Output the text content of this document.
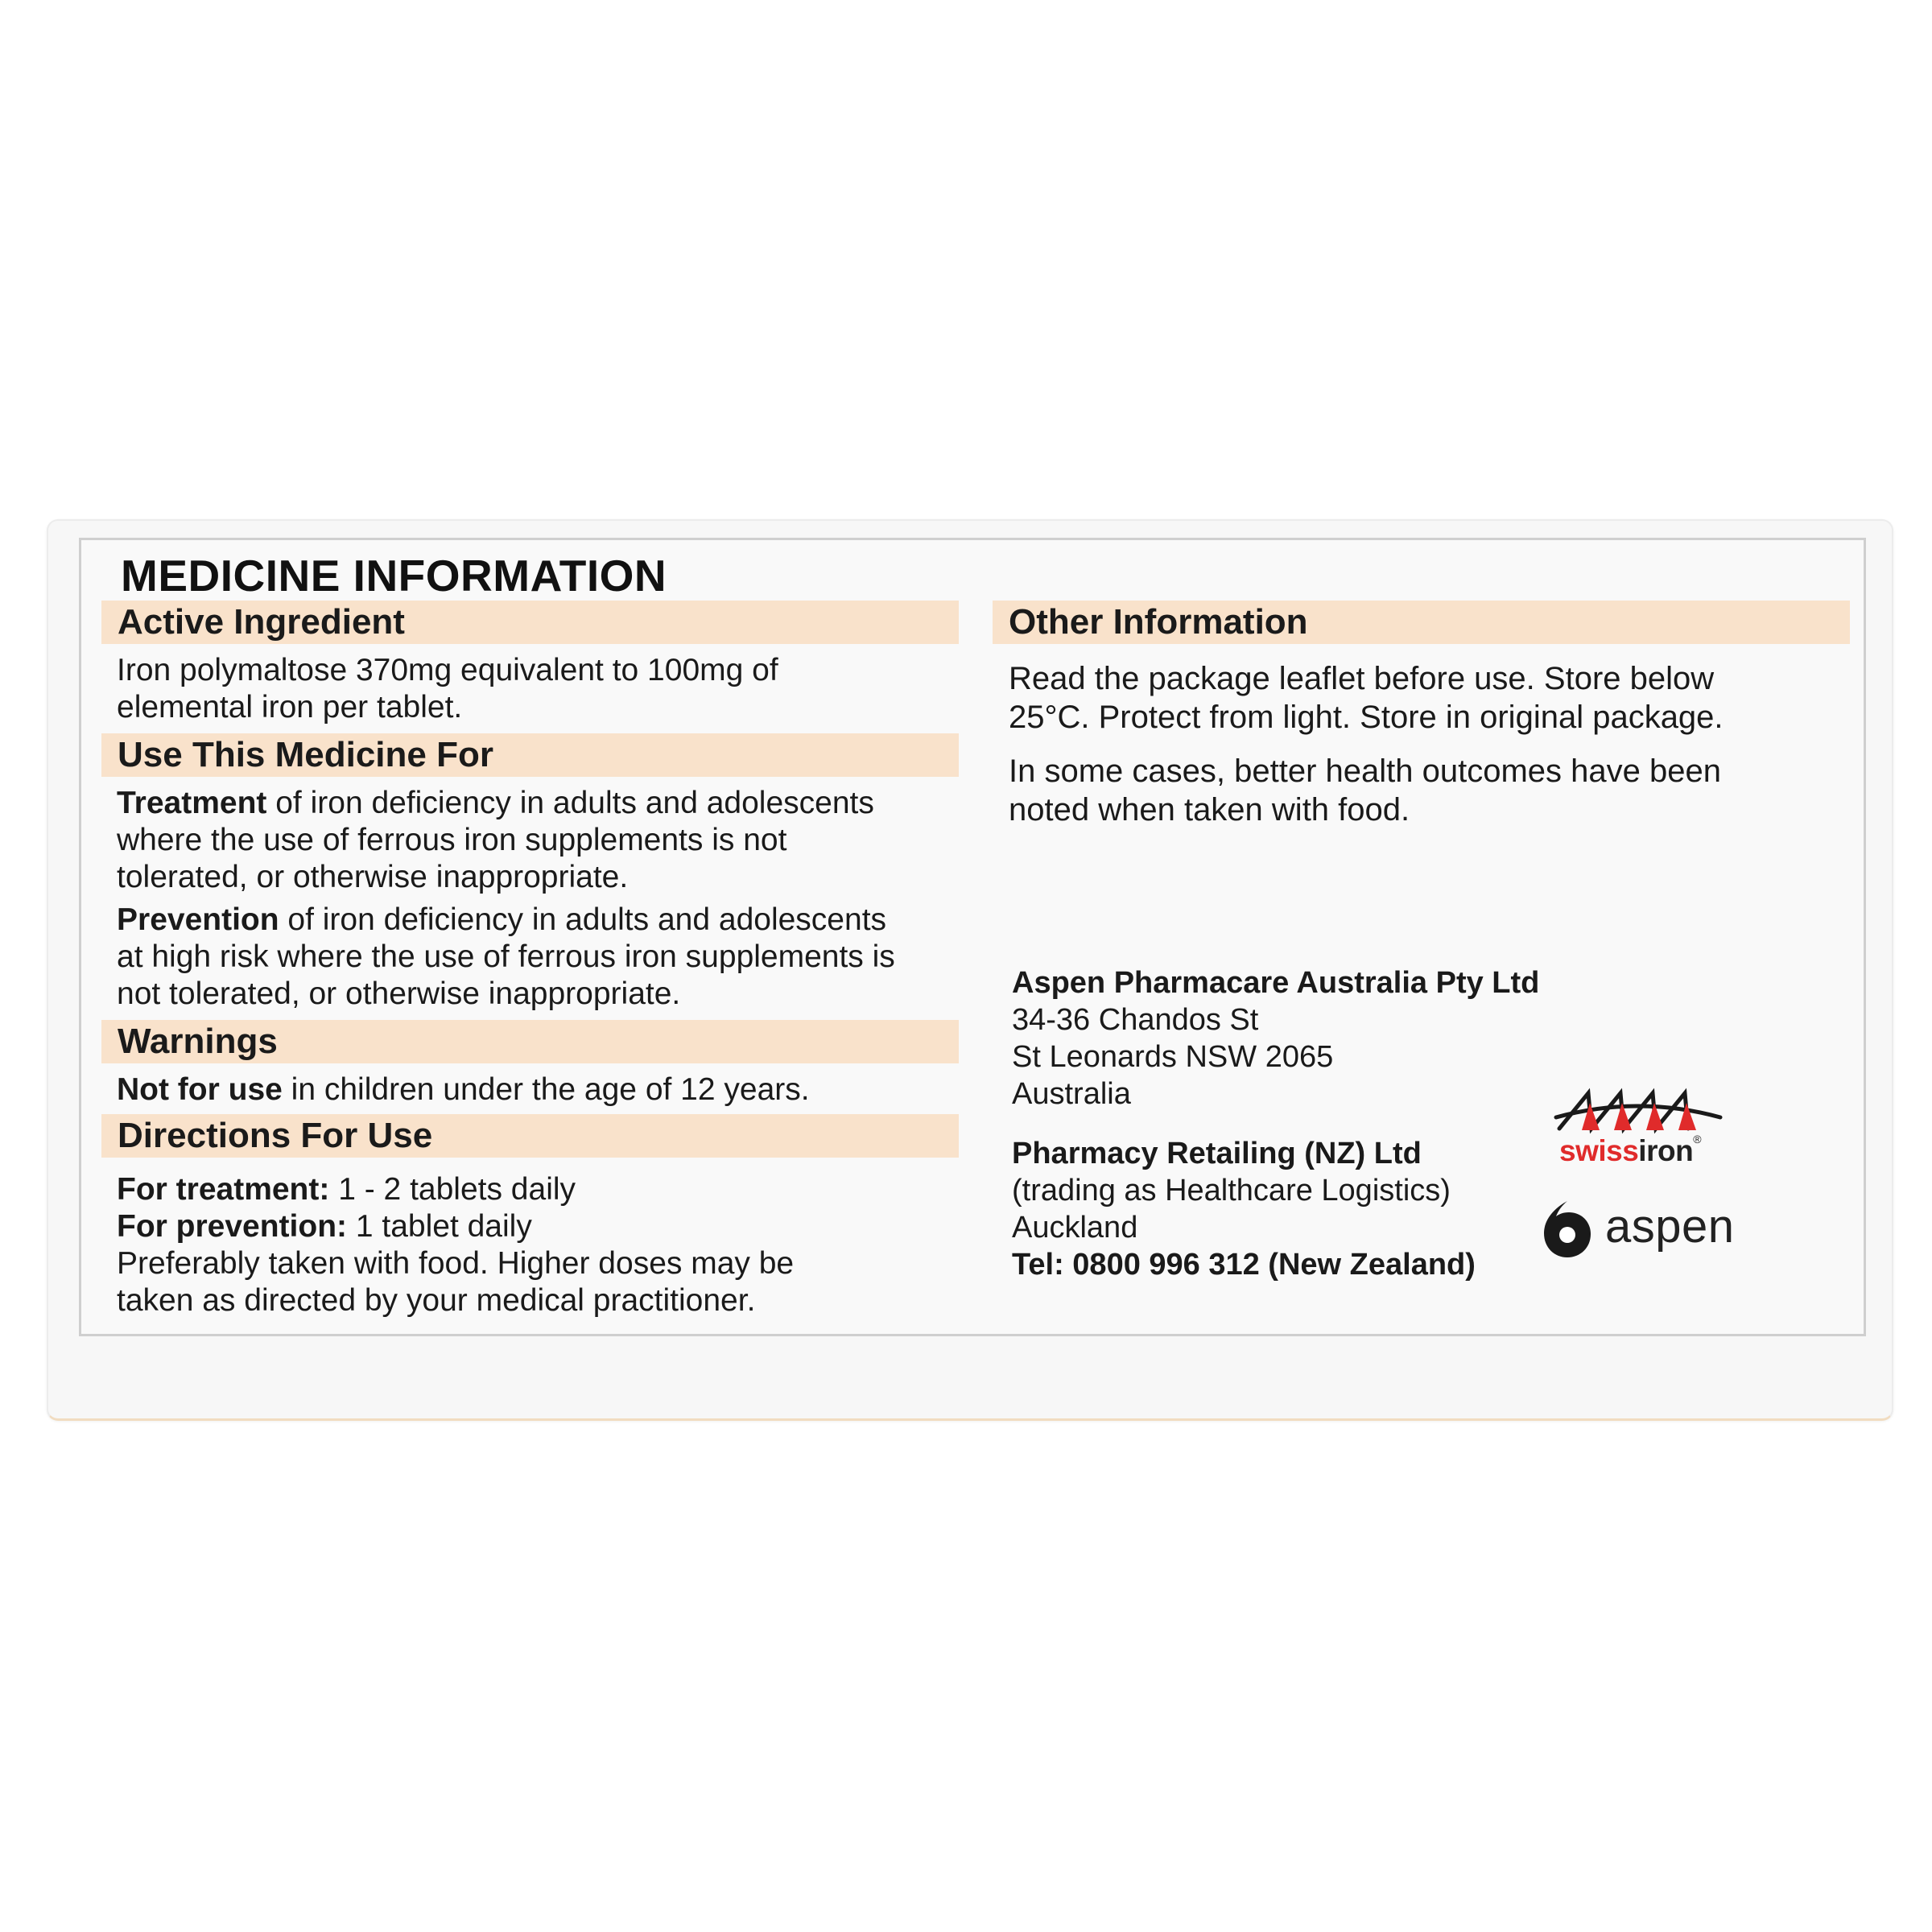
MEDICINE INFORMATION
Active Ingredient
Iron polymaltose 370mg equivalent to 100mg of
elemental iron per tablet.
Use This Medicine For
Treatment of iron deficiency in adults and adolescents
where the use of ferrous iron supplements is not
tolerated, or otherwise inappropriate.
Prevention of iron deficiency in adults and adolescents
at high risk where the use of ferrous iron supplements is
not tolerated, or otherwise inappropriate.
Warnings
Not for use in children under the age of 12 years.
Directions For Use
For treatment: 1 - 2 tablets daily
For prevention: 1 tablet daily
Preferably taken with food. Higher doses may be
taken as directed by your medical practitioner.
Other Information
Read the package leaflet before use. Store below
25°C. Protect from light. Store in original package.
In some cases, better health outcomes have been
noted when taken with food.
Aspen Pharmacare Australia Pty Ltd
34-36 Chandos St
St Leonards NSW 2065
Australia
Pharmacy Retailing (NZ) Ltd
(trading as Healthcare Logistics)
Auckland
Tel: 0800 996 312 (New Zealand)
swissiron®
aspen
